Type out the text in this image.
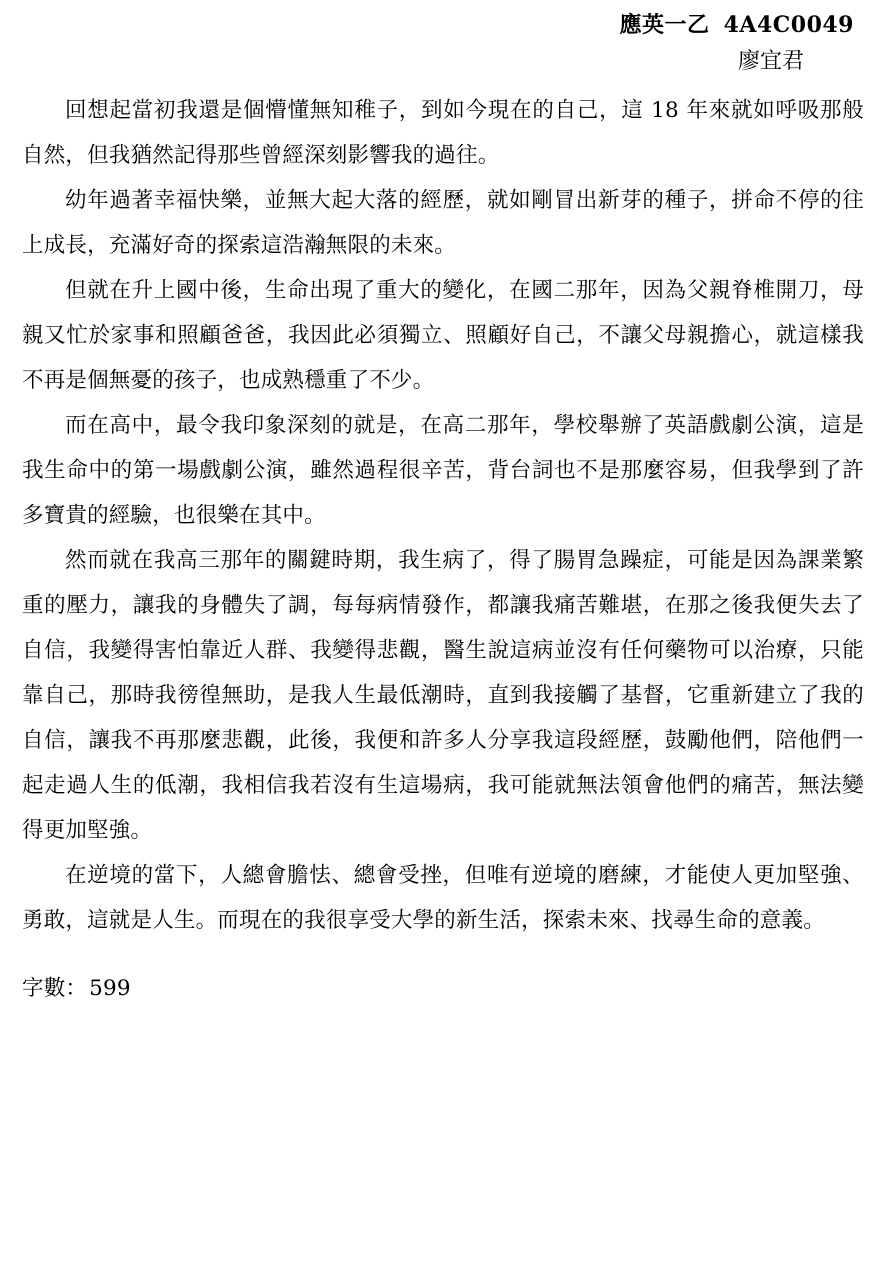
應英一乙 4A4C0049
廖宜君

回想起當初我還是個懵懂無知稚子，到如今現在的自己，這 18 年來就如呼吸那般自然，但我猶然記得那些曾經深刻影響我的過往。

幼年過著幸福快樂，並無大起大落的經歷，就如剛冒出新芽的種子，拼命不停的往上成長，充滿好奇的探索這浩瀚無限的未來。

但就在升上國中後，生命出現了重大的變化，在國二那年，因為父親脊椎開刀，母親又忙於家事和照顧爸爸，我因此必須獨立、照顧好自己，不讓父母親擔心，就這樣我不再是個無憂的孩子，也成熟穩重了不少。

而在高中，最令我印象深刻的就是，在高二那年，學校舉辦了英語戲劇公演，這是我生命中的第一場戲劇公演，雖然過程很辛苦，背台詞也不是那麼容易，但我學到了許多寶貴的經驗，也很樂在其中。

然而就在我高三那年的關鍵時期，我生病了，得了腸胃急躁症，可能是因為課業繁重的壓力，讓我的身體失了調，每每病情發作，都讓我痛苦難堪，在那之後我便失去了自信，我變得害怕靠近人群、我變得悲觀，醫生說這病並沒有任何藥物可以治療，只能靠自己，那時我徬徨無助，是我人生最低潮時，直到我接觸了基督，它重新建立了我的自信，讓我不再那麼悲觀，此後，我便和許多人分享我這段經歷，鼓勵他們，陪他們一起走過人生的低潮，我相信我若沒有生這場病，我可能就無法領會他們的痛苦，無法變得更加堅強。

在逆境的當下，人總會膽怯、總會受挫，但唯有逆境的磨練，才能使人更加堅強、勇敢，這就是人生。而現在的我很享受大學的新生活，探索未來、找尋生命的意義。

字數：599
